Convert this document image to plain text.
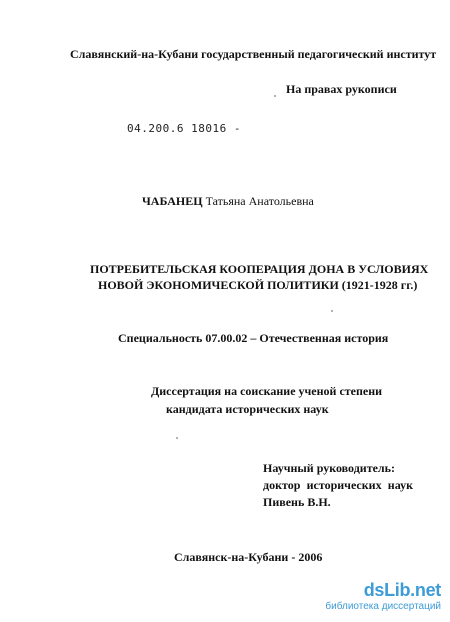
Славянский-на-Кубани государственный педагогический институт
На правах рукописи
04.200.6 18016 -
ЧАБАНЕЦ Татьяна Анатольевна
ПОТРЕБИТЕЛЬСКАЯ КООПЕРАЦИЯ ДОНА В УСЛОВИЯХ
НОВОЙ ЭКОНОМИЧЕСКОЙ ПОЛИТИКИ (1921-1928 гг.)
Специальность 07.00.02 – Отечественная история
Диссертация на соискание ученой степени
кандидата исторических наук
Научный руководитель:
доктор исторических наук
Пивень В.Н.
Славянск-на-Кубани - 2006
dsLib.net
библиотека диссертаций
